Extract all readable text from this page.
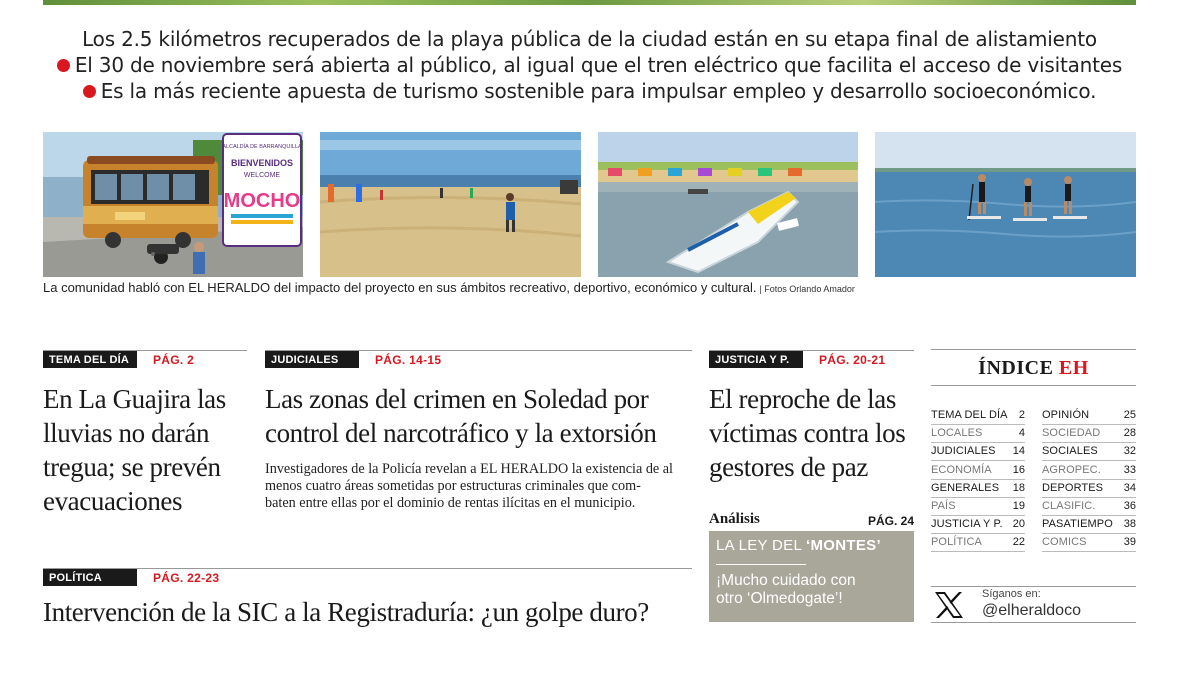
Los 2.5 kilómetros recuperados de la playa pública de la ciudad están en su etapa final de alistamiento
El 30 de noviembre será abierta al público, al igual que el tren eléctrico que facilita el acceso de visitantes
Es la más reciente apuesta de turismo sostenible para impulsar empleo y desarrollo socioeconómico.
ALCALDÍA DE BARRANQUILLA
BIENVENIDOS
WELCOME
MOCHO
La comunidad habló con EL HERALDO del impacto del proyecto en sus ámbitos recreativo, deportivo, económico y cultural. | Fotos Orlando Amador
TEMA DEL DÍA	PÁG. 2
En La Guajira las
lluvias no darán
tregua; se prevén
evacuaciones
JUDICIALES	PÁG. 14-15
Las zonas del crimen en Soledad por
control del narcotráfico y la extorsión
Investigadores de la Policía revelan a EL HERALDO la existencia de al
menos cuatro áreas sometidas por estructuras criminales que com-
baten entre ellas por el dominio de rentas ilícitas en el municipio.
JUSTICIA Y P.	PÁG. 20-21
El reproche de las
víctimas contra los
gestores de paz
Análisis	PÁG. 24
LA LEY DEL ‘MONTES’
¡Mucho cuidado con
otro ‘Olmedogate’!
POLÍTICA	PÁG. 22-23
Intervención de la SIC a la Registraduría: ¿un golpe duro?
ÍNDICE EH
TEMA DEL DÍA 2
LOCALES	4
JUDICIALES 14
ECONOMÍA 16
GENERALES 18
PAÍS	19
JUSTICIA Y P. 20
POLÍTICA	22
OPINIÓN	25
SOCIEDAD 28
SOCIALES 32
AGROPEC. 33
DEPORTES 34
CLASIFIC.	36
PASATIEMPO 38
COMICS	39
Síganos en:
@elheraldoco
